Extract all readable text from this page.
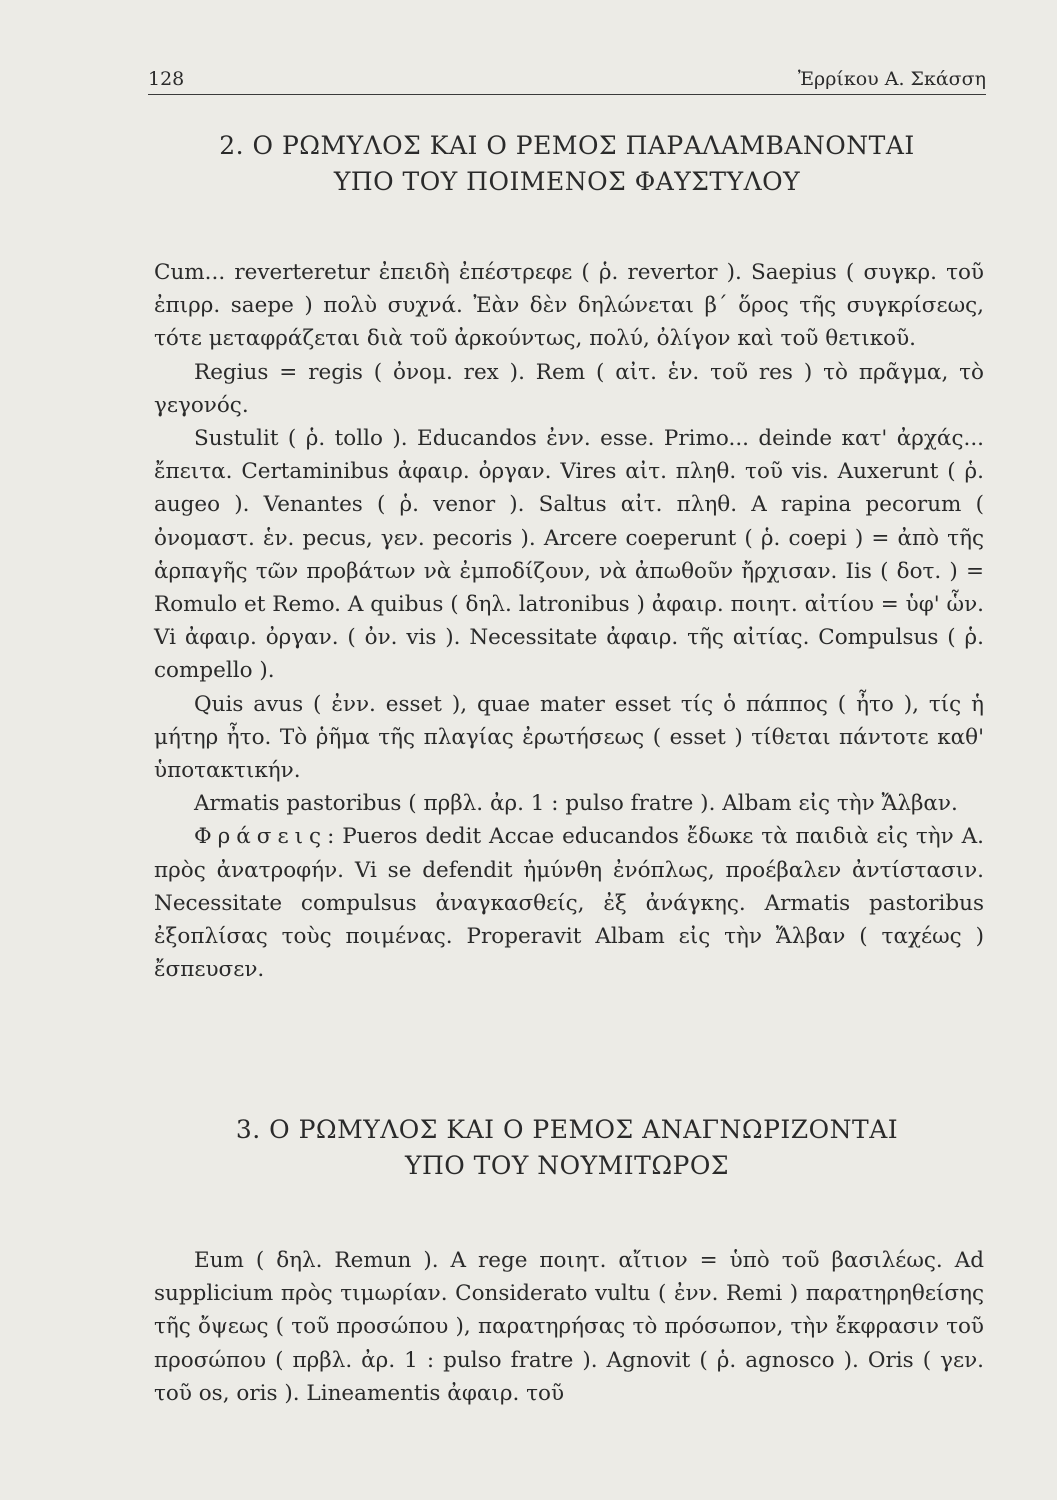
128	Ἐρρίκου Α. Σκάσση
2. Ο ΡΩΜΥΛΟΣ ΚΑΙ Ο ΡΕΜΟΣ ΠΑΡΑΛΑΜΒΑΝΟΝΤΑΙ
ΥΠΟ ΤΟΥ ΠΟΙΜΕΝΟΣ ΦΑΥΣΤΥΛΟΥ

Cum... reverteretur ἐπειδὴ ἐπέστρεφε ( ῥ. revertor ). Saepius ( συγκρ. τοῦ ἐπιρρ. saepe ) πολὺ συχνά. Ἐὰν δὲν δηλώνεται β΄ ὅρος τῆς συγκρίσεως, τότε μεταφράζεται διὰ τοῦ ἀρκούντως, πολύ, ὀλίγον καὶ τοῦ θετικοῦ.

Regius = regis ( ὀνομ. rex ). Rem ( αἰτ. ἑν. τοῦ res ) τὸ πρᾶγμα, τὸ γεγονός.

Sustulit ( ῥ. tollo ). Educandos ἐνν. esse. Primo... deinde κατ' ἀρχάς... ἔπειτα. Certaminibus ἀφαιρ. ὀργαν. Vires αἰτ. πληθ. τοῦ vis. Auxerunt ( ῥ. augeo ). Venantes ( ῥ. venor ). Saltus αἰτ. πληθ. A rapina pecorum ( ὀνομαστ. ἑν. pecus, γεν. pecoris ). Arcere coeperunt ( ῥ. coepi ) = ἀπὸ τῆς ἁρπαγῆς τῶν προβάτων νὰ ἐμποδίζουν, νὰ ἀπωθοῦν ἤρχισαν. Iis ( δοτ. ) = Romulo et Remo. A quibus ( δηλ. latronibus ) ἀφαιρ. ποιητ. αἰτίου = ὑφ' ὧν. Vi ἀφαιρ. ὀργαν. ( ὀν. vis ). Necessitate ἀφαιρ. τῆς αἰτίας. Compulsus ( ῥ. compello ).

Quis avus ( ἐνν. esset ), quae mater esset τίς ὁ πάππος ( ἦτο ), τίς ἡ μήτηρ ἦτο. Τὸ ῥῆμα τῆς πλαγίας ἐρωτήσεως ( esset ) τίθεται πάντοτε καθ' ὑποτακτικήν.

Armatis pastoribus ( πρβλ. ἀρ. 1 : pulso fratre ). Albam εἰς τὴν Ἄλβαν.

Φράσεις: Pueros dedit Accae educandos ἔδωκε τὰ παιδιὰ εἰς τὴν Α. πρὸς ἀνατροφήν. Vi se defendit ἠμύνθη ἐνόπλως, προέβαλεν ἀντίστασιν. Necessitate compulsus ἀναγκασθείς, ἐξ ἀνάγκης. Armatis pastoribus ἐξοπλίσας τοὺς ποιμένας. Properavit Albam εἰς τὴν Ἄλβαν ( ταχέως ) ἔσπευσεν.

3. Ο ΡΩΜΥΛΟΣ ΚΑΙ Ο ΡΕΜΟΣ ΑΝΑΓΝΩΡΙΖΟΝΤΑΙ
ΥΠΟ ΤΟΥ ΝΟΥΜΙΤΩΡΟΣ

Eum ( δηλ. Remun ). A rege ποιητ. αἴτιον = ὑπὸ τοῦ βασιλέως. Ad supplicium πρὸς τιμωρίαν. Considerato vultu ( ἐνν. Remi ) παρατηρηθείσης τῆς ὄψεως ( τοῦ προσώπου ), παρατηρήσας τὸ πρόσωπον, τὴν ἔκφρασιν τοῦ προσώπου ( πρβλ. ἀρ. 1 : pulso fratre ). Agnovit ( ῥ. agnosco ). Oris ( γεν. τοῦ os, oris ). Lineamentis ἀφαιρ. τοῦ
